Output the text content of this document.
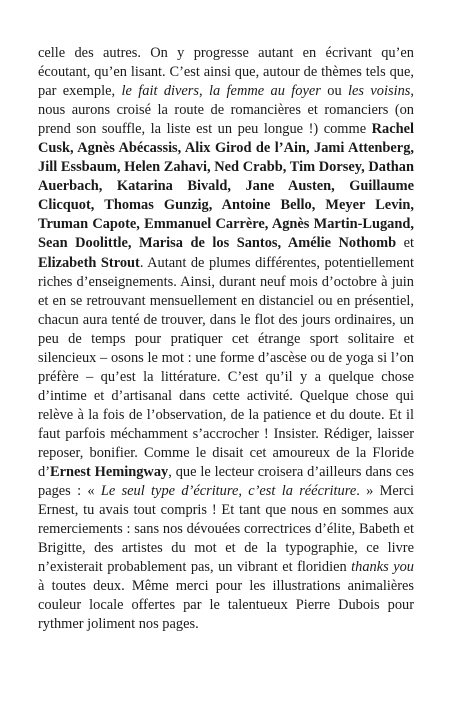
celle des autres. On y progresse autant en écrivant qu’en écoutant, qu’en lisant. C’est ainsi que, autour de thèmes tels que, par exemple, le fait divers, la femme au foyer ou les voisins, nous aurons croisé la route de romancières et romanciers (on prend son souffle, la liste est un peu longue !) comme Rachel Cusk, Agnès Abécassis, Alix Girod de l’Ain, Jami Attenberg, Jill Essbaum, Helen Zahavi, Ned Crabb, Tim Dorsey, Dathan Auerbach, Katarina Bivald, Jane Austen, Guillaume Clicquot, Thomas Gunzig, Antoine Bello, Meyer Levin, Truman Capote, Emmanuel Carrère, Agnès Martin-Lugand, Sean Doolittle, Marisa de los Santos, Amélie Nothomb et Elizabeth Strout. Autant de plumes différentes, potentiellement riches d’enseignements. Ainsi, durant neuf mois d’octobre à juin et en se retrouvant mensuellement en distanciel ou en présentiel, chacun aura tenté de trouver, dans le flot des jours ordinaires, un peu de temps pour pratiquer cet étrange sport solitaire et silencieux – osons le mot : une forme d’ascèse ou de yoga si l’on préfère – qu’est la littérature. C’est qu’il y a quelque chose d’intime et d’artisanal dans cette activité. Quelque chose qui relève à la fois de l’observation, de la patience et du doute. Et il faut parfois méchamment s’accrocher ! Insister. Rédiger, laisser reposer, bonifier. Comme le disait cet amoureux de la Floride d’Ernest Hemingway, que le lecteur croisera d’ailleurs dans ces pages : « Le seul type d’écriture, c’est la réécriture. » Merci Ernest, tu avais tout compris ! Et tant que nous en sommes aux remerciements : sans nos dévouées correctrices d’élite, Babeth et Brigitte, des artistes du mot et de la typographie, ce livre n’existerait probablement pas, un vibrant et floridien thanks you à toutes deux. Même merci pour les illustrations animalières couleur locale offertes par le talentueux Pierre Dubois pour rythmer joliment nos pages.
